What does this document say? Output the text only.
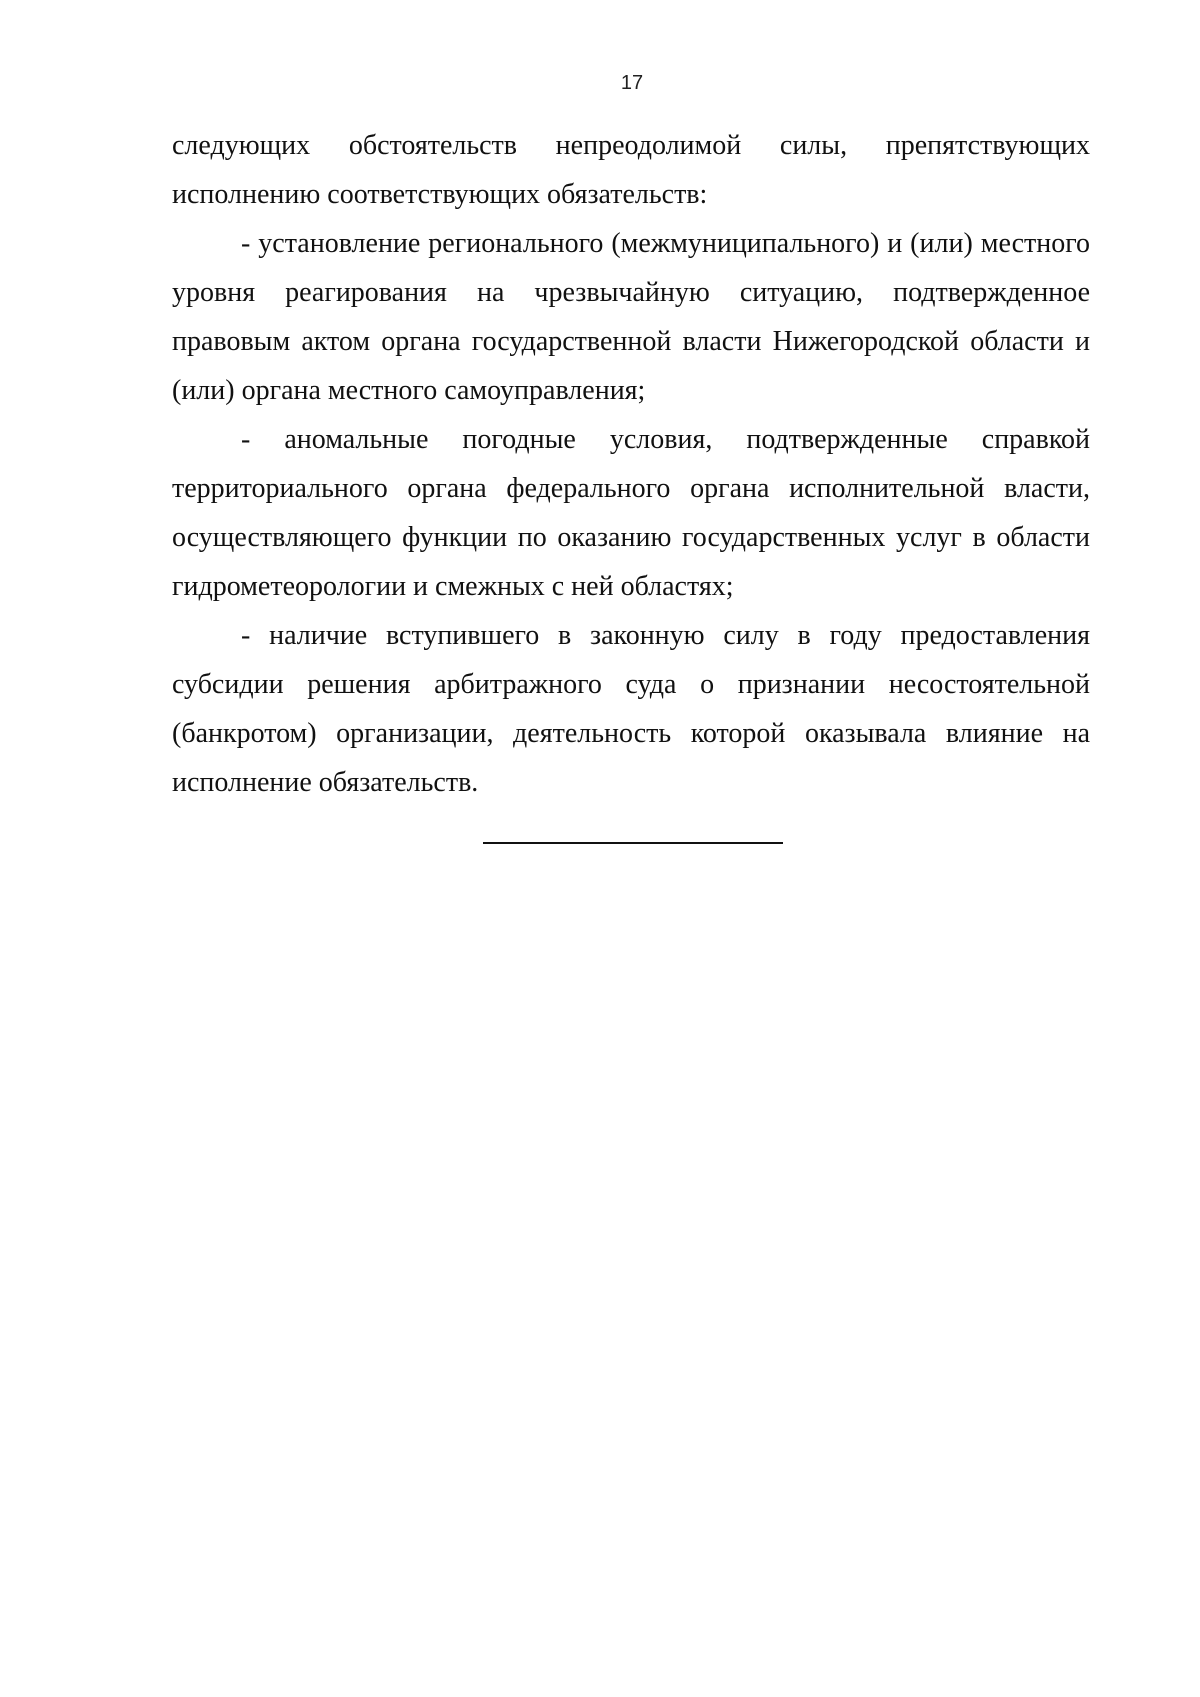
17

следующих обстоятельств непреодолимой силы, препятствующих исполнению соответствующих обязательств:

- установление регионального (межмуниципального) и (или) местного уровня реагирования на чрезвычайную ситуацию, подтвержденное правовым актом органа государственной власти Нижегородской области и (или) органа местного самоуправления;

- аномальные погодные условия, подтвержденные справкой территориального органа федерального органа исполнительной власти, осуществляющего функции по оказанию государственных услуг в области гидрометеорологии и смежных с ней областях;

- наличие вступившего в законную силу в году предоставления субсидии решения арбитражного суда о признании несостоятельной (банкротом) организации, деятельность которой оказывала влияние на исполнение обязательств.
